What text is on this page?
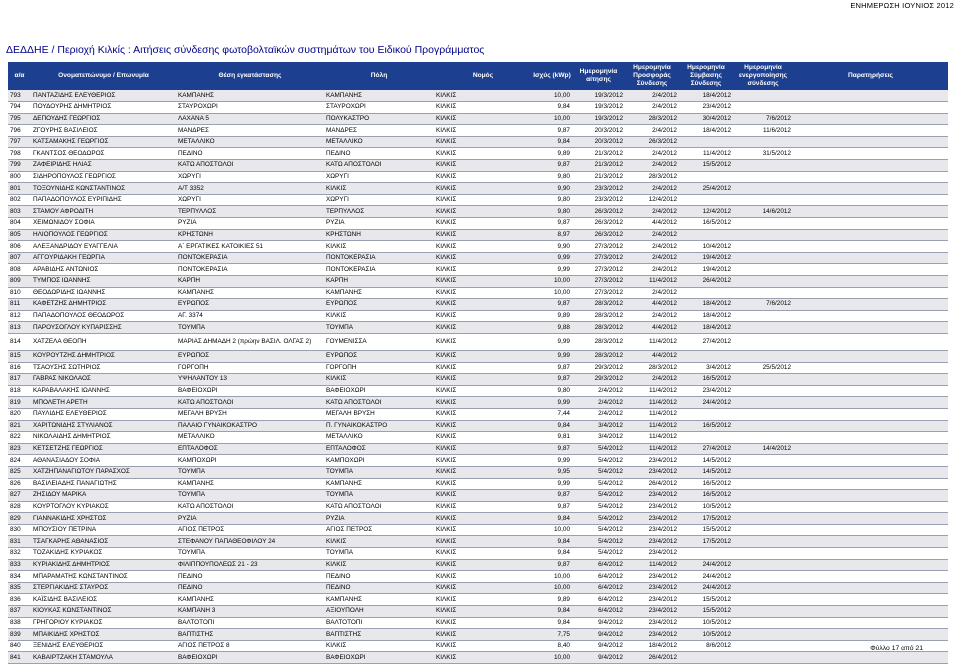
ΕΝΗΜΕΡΩΣΗ ΙΟΥΝΙΟΣ 2012
ΔΕΔΔΗΕ / Περιοχή Κιλκίς : Αιτήσεις σύνδεσης φωτοβολταϊκών συστημάτων του Ειδικού Προγράμματος
α/α	Ονοματεπώνυμο / Επωνυμία	Θέση εγκατάστασης	Πόλη	Νομός	Ισχύς (kWp)	Ημερομηνία αίτησης	Ημερομηνία Προσφοράς Σύνδεσης	Ημερομηνία Σύμβασης Σύνδεσης	Ημερομηνία ενεργοποίησης σύνδεσης	Παρατηρήσεις
793	ΠΑΝΤΑΖΙΔΗΣ ΕΛΕΥΘΕΡΙΟΣ	ΚΑΜΠΑΝΗΣ	ΚΑΜΠΑΝΗΣ	ΚΙΛΚΙΣ	10,00	19/3/2012	2/4/2012	18/4/2012		
794	ΠΟΥΔΟΥΡΗΣ ΔΗΜΗΤΡΙΟΣ	ΣΤΑΥΡΟΧΩΡΙ	ΣΤΑΥΡΟΧΩΡΙ	ΚΙΛΚΙΣ	9,84	19/3/2012	2/4/2012	23/4/2012		
795	ΔΕΠΟΥΔΗΣ ΓΕΩΡΓΙΟΣ	ΛΑΧΑΝΑ 5	ΠΟΛΥΚΑΣΤΡΟ	ΚΙΛΚΙΣ	10,00	19/3/2012	28/3/2012	30/4/2012	7/6/2012	
796	ΖΓΟΥΡΗΣ ΒΑΣΙΛΕΙΟΣ	ΜΑΝΔΡΕΣ	ΜΑΝΔΡΕΣ	ΚΙΛΚΙΣ	9,87	20/3/2012	2/4/2012	18/4/2012	11/6/2012	
797	ΚΑΤΣΑΜΑΚΗΣ ΓΕΩΡΓΙΟΣ	ΜΕΤΑΛΛΙΚΟ	ΜΕΤΑΛΛΙΚΟ	ΚΙΛΚΙΣ	9,84	20/3/2012	26/3/2012			
798	ΓΚΑΝΤΣΟΣ ΘΕΟΔΩΡΟΣ	ΠΕΔΙΝΟ	ΠΕΔΙΝΟ	ΚΙΛΚΙΣ	9,89	21/3/2012	2/4/2012	11/4/2012	31/5/2012	
799	ΖΑΦΕΙΡΙΔΗΣ ΗΛΙΑΣ	ΚΑΤΩ ΑΠΟΣΤΟΛΟΙ	ΚΑΤΩ ΑΠΟΣΤΟΛΟΙ	ΚΙΛΚΙΣ	9,87	21/3/2012	2/4/2012	15/5/2012		
800	ΣΙΔΗΡΟΠΟΥΛΟΣ ΓΕΩΡΓΙΟΣ	ΧΩΡΥΓΙ	ΧΩΡΥΓΙ	ΚΙΛΚΙΣ	9,80	21/3/2012	28/3/2012			
801	ΤΟΞΟΥΝΙΔΗΣ ΚΩΝΣΤΑΝΤΙΝΟΣ	Α/Τ 3352	ΚΙΛΚΙΣ	ΚΙΛΚΙΣ	9,90	23/3/2012	2/4/2012	25/4/2012		
802	ΠΑΠΑΔΟΠΟΥΛΟΣ ΕΥΡΙΠΙΔΗΣ	ΧΩΡΥΓΙ	ΧΩΡΥΓΙ	ΚΙΛΚΙΣ	9,80	23/3/2012	12/4/2012			
803	ΣΤΑΜΟΥ ΑΦΡΟΔΙΤΗ	ΤΕΡΠΥΛΛΟΣ	ΤΕΡΠΥΛΛΟΣ	ΚΙΛΚΙΣ	9,80	26/3/2012	2/4/2012	12/4/2012	14/6/2012	
804	ΧΕΙΜΩΝΙΔΟΥ ΣΟΦΙΑ	ΡΥΖΙΑ	ΡΥΖΙΑ	ΚΙΛΚΙΣ	9,87	26/3/2012	4/4/2012	16/5/2012		
805	ΗΛΙΟΠΟΥΛΟΣ ΓΕΩΡΓΙΟΣ	ΚΡΗΣΤΩΝΗ	ΚΡΗΣΤΩΝΗ	ΚΙΛΚΙΣ	8,97	26/3/2012	2/4/2012			
806	ΑΛΕΞΑΝΔΡΙΔΟΥ ΕΥΑΓΓΕΛΙΑ	Α΄ ΕΡΓΑΤΙΚΕΣ ΚΑΤΟΙΚΙΕΣ 51	ΚΙΛΚΙΣ	ΚΙΛΚΙΣ	9,90	27/3/2012	2/4/2012	10/4/2012		
807	ΑΓΓΟΥΡΙΔΑΚΗ ΓΕΩΡΓΙΑ	ΠΟΝΤΟΚΕΡΑΣΙΑ	ΠΟΝΤΟΚΕΡΑΣΙΑ	ΚΙΛΚΙΣ	9,99	27/3/2012	2/4/2012	19/4/2012		
808	ΑΡΑΒΙΔΗΣ ΑΝΤΩΝΙΟΣ	ΠΟΝΤΟΚΕΡΑΣΙΑ	ΠΟΝΤΟΚΕΡΑΣΙΑ	ΚΙΛΚΙΣ	9,99	27/3/2012	2/4/2012	19/4/2012		
809	ΤΥΜΠΟΣ ΙΩΑΝΝΗΣ	ΚΑΡΠΗ	ΚΑΡΠΗ	ΚΙΛΚΙΣ	10,00	27/3/2012	11/4/2012	26/4/2012		
810	ΘΕΟΔΩΡΙΔΗΣ ΙΩΑΝΝΗΣ	ΚΑΜΠΑΝΗΣ	ΚΑΜΠΑΝΗΣ	ΚΙΛΚΙΣ	10,00	27/3/2012	2/4/2012			
811	ΚΑΦΕΤΖΗΣ ΔΗΜΗΤΡΙΟΣ	ΕΥΡΩΠΟΣ	ΕΥΡΩΠΟΣ	ΚΙΛΚΙΣ	9,87	28/3/2012	4/4/2012	18/4/2012	7/6/2012	
812	ΠΑΠΑΔΟΠΟΥΛΟΣ ΘΕΟΔΩΡΟΣ	ΑΓ. 3374	ΚΙΛΚΙΣ	ΚΙΛΚΙΣ	9,89	28/3/2012	2/4/2012	18/4/2012		
813	ΠΑΡΟΥΣΟΓΛΟΥ ΚΥΠΑΡΙΣΣΗΣ	ΤΟΥΜΠΑ	ΤΟΥΜΠΑ	ΚΙΛΚΙΣ	9,88	28/3/2012	4/4/2012	18/4/2012		
814	ΧΑΤΖΕΛΑ ΘΕΟΠΗ	ΜΑΡΙΑΣ ΔΗΜΑΔΗ 2 (πρώην ΒΑΣΙΛ. ΟΛΓΑΣ 2)	ΓΟΥΜΕΝΙΣΣΑ	ΚΙΛΚΙΣ	9,99	28/3/2012	11/4/2012	27/4/2012		
815	ΚΟΥΡΟΥΤΖΗΣ ΔΗΜΗΤΡΙΟΣ	ΕΥΡΩΠΟΣ	ΕΥΡΩΠΟΣ	ΚΙΛΚΙΣ	9,99	28/3/2012	4/4/2012			
816	ΤΣΑΟΥΣΗΣ ΣΩΤΗΡΙΟΣ	ΓΟΡΓΟΠΗ	ΓΟΡΓΟΠΗ	ΚΙΛΚΙΣ	9,87	29/3/2012	28/3/2012	3/4/2012	25/5/2012	
817	ΓΑΒΡΑΣ ΝΙΚΟΛΑΟΣ	ΥΨΗΛΑΝΤΟΥ 13	ΚΙΛΚΙΣ	ΚΙΛΚΙΣ	9,87	29/3/2012	2/4/2012	16/5/2012		
818	ΚΑΡΑΒΑΛΑΚΗΣ ΙΩΑΝΝΗΣ	ΒΑΦΕΙΟΧΩΡΙ	ΒΑΦΕΙΟΧΩΡΙ	ΚΙΛΚΙΣ	9,80	2/4/2012	11/4/2012	23/4/2012		
819	ΜΠΟΛΕΤΗ ΑΡΕΤΗ	ΚΑΤΩ ΑΠΟΣΤΟΛΟΙ	ΚΑΤΩ ΑΠΟΣΤΟΛΟΙ	ΚΙΛΚΙΣ	9,99	2/4/2012	11/4/2012	24/4/2012		
820	ΠΑΥΛΙΔΗΣ ΕΛΕΥΘΕΡΙΟΣ	ΜΕΓΑΛΗ ΒΡΥΣΗ	ΜΕΓΑΛΗ ΒΡΥΣΗ	ΚΙΛΚΙΣ	7,44	2/4/2012	11/4/2012			
821	ΧΑΡΙΤΩΝΙΔΗΣ ΣΤΥΛΙΑΝΟΣ	ΠΑΛΑΙΟ ΓΥΝΑΙΚΟΚΑΣΤΡΟ	Π. ΓΥΝΑΙΚΟΚΑΣΤΡΟ	ΚΙΛΚΙΣ	9,84	3/4/2012	11/4/2012	16/5/2012		
822	ΝΙΚΟΛΑΙΔΗΣ ΔΗΜΗΤΡΙΟΣ	ΜΕΤΑΛΛΙΚΟ	ΜΕΤΑΛΛΙΚΟ	ΚΙΛΚΙΣ	9,81	3/4/2012	11/4/2012			
823	ΚΕΤΣΕΤΖΗΣ ΓΕΩΡΓΙΟΣ	ΕΠΤΑΛΟΦΟΣ	ΕΠΤΑΛΟΦΟΣ	ΚΙΛΚΙΣ	9,87	5/4/2012	11/4/2012	27/4/2012	14/4/2012	
824	ΑΘΑΝΑΣΙΑΔΟΥ ΣΟΦΙΑ	ΚΑΜΠΟΧΩΡΙ	ΚΑΜΠΟΧΩΡΙ	ΚΙΛΚΙΣ	9,99	5/4/2012	23/4/2012	14/5/2012		
825	ΧΑΤΖΗΠΑΝΑΓΙΩΤΟΥ ΠΑΡΑΣΧΟΣ	ΤΟΥΜΠΑ	ΤΟΥΜΠΑ	ΚΙΛΚΙΣ	9,95	5/4/2012	23/4/2012	14/5/2012		
826	ΒΑΣΙΛΕΙΑΔΗΣ ΠΑΝΑΓΙΩΤΗΣ	ΚΑΜΠΑΝΗΣ	ΚΑΜΠΑΝΗΣ	ΚΙΛΚΙΣ	9,99	5/4/2012	26/4/2012	16/5/2012		
827	ΖΗΣΙΔΟΥ ΜΑΡΙΚΑ	ΤΟΥΜΠΑ	ΤΟΥΜΠΑ	ΚΙΛΚΙΣ	9,87	5/4/2012	23/4/2012	16/5/2012		
828	ΚΟΥΡΤΟΓΛΟΥ ΚΥΡΙΑΚΟΣ	ΚΑΤΩ ΑΠΟΣΤΟΛΟΙ	ΚΑΤΩ ΑΠΟΣΤΟΛΟΙ	ΚΙΛΚΙΣ	9,87	5/4/2012	23/4/2012	10/5/2012		
829	ΓΙΑΝΝΑΚΙΔΗΣ ΧΡΗΣΤΟΣ	ΡΥΖΙΑ	ΡΥΖΙΑ	ΚΙΛΚΙΣ	9,84	5/4/2012	23/4/2012	17/5/2012		
830	ΜΠΟΥΣΙΟΥ ΠΕΤΡΙΝΑ	ΑΓΙΟΣ ΠΕΤΡΟΣ	ΑΓΙΟΣ ΠΕΤΡΟΣ	ΚΙΛΚΙΣ	10,00	5/4/2012	23/4/2012	15/5/2012		
831	ΤΣΑΓΚΑΡΗΣ ΑΘΑΝΑΣΙΟΣ	ΣΤΕΦΑΝΟΥ ΠΑΠΑΘΕΟΦΙΛΟΥ 24	ΚΙΛΚΙΣ	ΚΙΛΚΙΣ	9,84	5/4/2012	23/4/2012	17/5/2012		
832	ΤΟΖΑΚΙΔΗΣ ΚΥΡΙΑΚΟΣ	ΤΟΥΜΠΑ	ΤΟΥΜΠΑ	ΚΙΛΚΙΣ	9,84	5/4/2012	23/4/2012			
833	ΚΥΡΙΑΚΙΔΗΣ ΔΗΜΗΤΡΙΟΣ	ΦΙΛΙΠΠΟΥΠΟΛΕΩΣ 21 - 23	ΚΙΛΚΙΣ	ΚΙΛΚΙΣ	9,87	6/4/2012	11/4/2012	24/4/2012		
834	ΜΠΑΡΑΜΑΤΗΣ ΚΩΝΣΤΑΝΤΙΝΟΣ	ΠΕΔΙΝΟ	ΠΕΔΙΝΟ	ΚΙΛΚΙΣ	10,00	6/4/2012	23/4/2012	24/4/2012		
835	ΣΤΕΡΓΙΑΚΙΔΗΣ ΣΤΑΥΡΟΣ	ΠΕΔΙΝΟ	ΠΕΔΙΝΟ	ΚΙΛΚΙΣ	10,00	6/4/2012	23/4/2012	24/4/2012		
836	ΚΑΪΣΙΔΗΣ ΒΑΣΙΛΕΙΟΣ	ΚΑΜΠΑΝΗΣ	ΚΑΜΠΑΝΗΣ	ΚΙΛΚΙΣ	9,89	6/4/2012	23/4/2012	15/5/2012		
837	ΚΙΟΥΚΑΣ ΚΩΝΣΤΑΝΤΙΝΟΣ	ΚΑΜΠΑΝΗ 3	ΑΞΙΟΥΠΟΛΗ	ΚΙΛΚΙΣ	9,84	6/4/2012	23/4/2012	15/5/2012		
838	ΓΡΗΓΟΡΙΟΥ ΚΥΡΙΑΚΟΣ	ΒΑΛΤΟΤΟΠΙ	ΒΑΛΤΟΤΟΠΙ	ΚΙΛΚΙΣ	9,84	9/4/2012	23/4/2012	10/5/2012		
839	ΜΠΑΙΚΙΔΗΣ ΧΡΗΣΤΟΣ	ΒΑΠΤΙΣΤΗΣ	ΒΑΠΤΙΣΤΗΣ	ΚΙΛΚΙΣ	7,75	9/4/2012	23/4/2012	10/5/2012		
840	ΞΕΝΙΔΗΣ ΕΛΕΥΘΕΡΙΟΣ	ΑΓΙΟΣ ΠΕΤΡΟΣ 8	ΚΙΛΚΙΣ	ΚΙΛΚΙΣ	8,40	9/4/2012	18/4/2012	8/6/2012		
841	ΚΑΒΑΙΡΤΖΑΚΗ ΣΤΑΜΟΥΛΑ	ΒΑΦΕΙΟΧΩΡΙ	ΒΑΦΕΙΟΧΩΡΙ	ΚΙΛΚΙΣ	10,00	9/4/2012	26/4/2012			
Φύλλο 17 από 21
